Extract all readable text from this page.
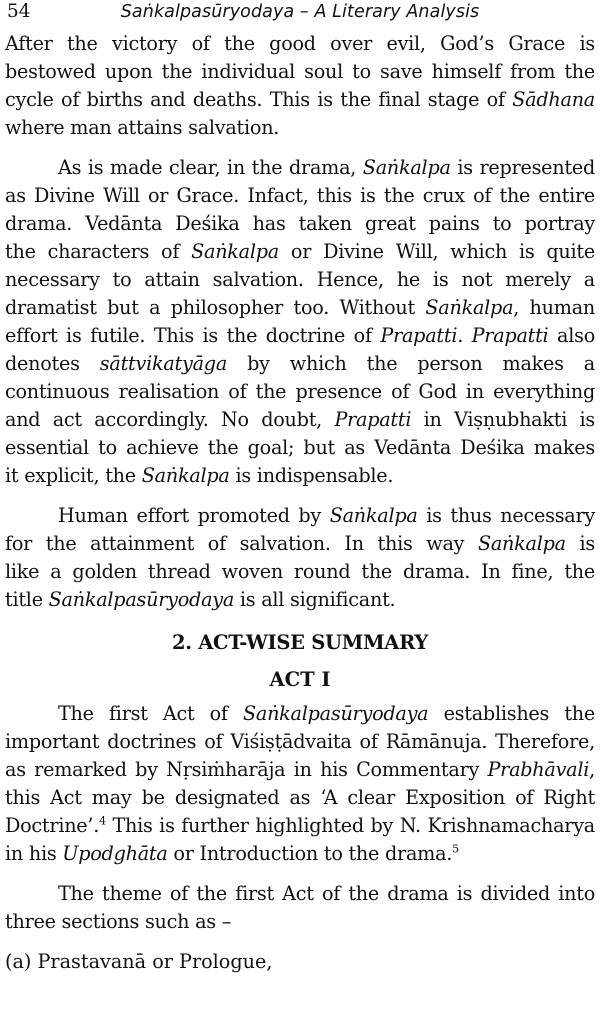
54	Saṅkalpasūryodaya – A Literary Analysis

After the victory of the good over evil, God’s Grace is
bestowed upon the individual soul to save himself from the
cycle of births and deaths. This is the final stage of Sādhana
where man attains salvation.

As is made clear, in the drama, Saṅkalpa is represented
as Divine Will or Grace. Infact, this is the crux of the entire
drama. Vedānta Deśika has taken great pains to portray
the characters of Saṅkalpa or Divine Will, which is quite
necessary to attain salvation. Hence, he is not merely a
dramatist but a philosopher too. Without Saṅkalpa, human
effort is futile. This is the doctrine of Prapatti. Prapatti also
denotes sāttvikatyāga by which the person makes a
continuous realisation of the presence of God in everything
and act accordingly. No doubt, Prapatti in Viṣṇubhakti is
essential to achieve the goal; but as Vedānta Deśika makes
it explicit, the Saṅkalpa is indispensable.

Human effort promoted by Saṅkalpa is thus necessary
for the attainment of salvation. In this way Saṅkalpa is
like a golden thread woven round the drama. In fine, the
title Saṅkalpasūryodaya is all significant.

2. ACT-WISE SUMMARY
ACT I

The first Act of Saṅkalpasūryodaya establishes the
important doctrines of Viśiṣṭādvaita of Rāmānuja. Therefore,
as remarked by Nṛsiṁharāja in his Commentary Prabhāvali,
this Act may be designated as ‘A clear Exposition of Right
Doctrine’.$^4$ This is further highlighted by N. Krishnamacharya
in his Upodghāta or Introduction to the drama.$^5$

The theme of the first Act of the drama is divided into
three sections such as –

(a) Prastavanā or Prologue,
